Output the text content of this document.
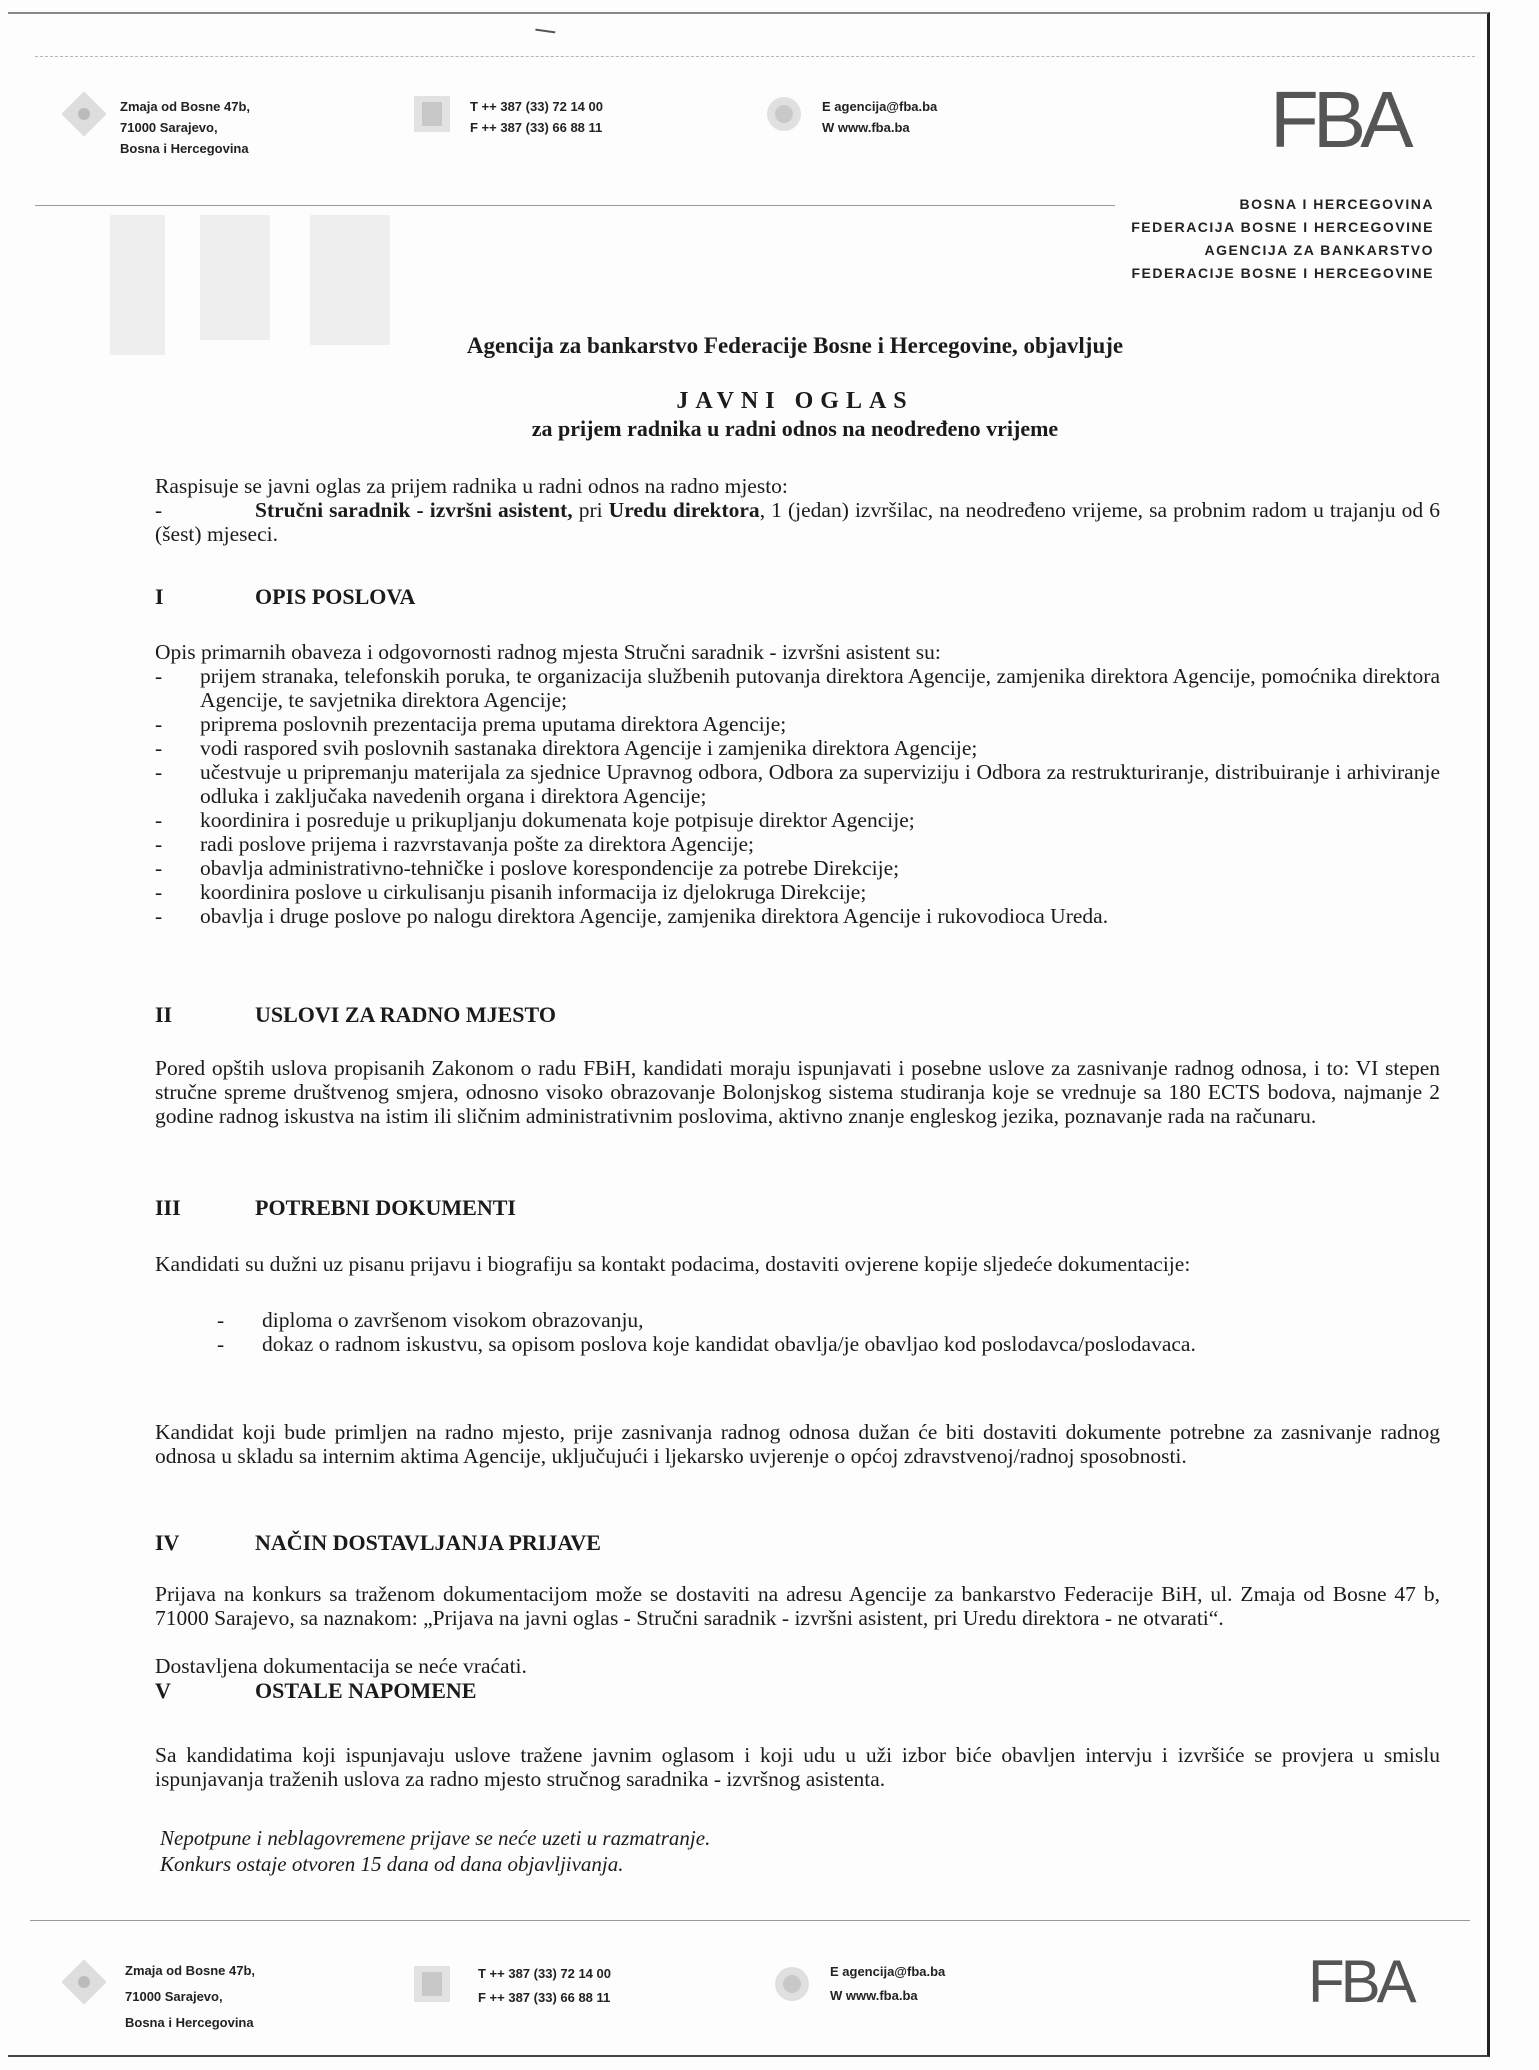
Zmaja od Bosne 47b,
71000 Sarajevo,
Bosna i Hercegovina
T ++ 387 (33) 72 14 00
F ++ 387 (33) 66 88 11
E agencija@fba.ba
W www.fba.ba	FBA
BOSNA I HERCEGOVINA
FEDERACIJA BOSNE I HERCEGOVINE
AGENCIJA ZA BANKARSTVO
FEDERACIJE BOSNE I HERCEGOVINE
Agencija za bankarstvo Federacije Bosne i Hercegovine, objavljuje
JAVNI OGLAS
za prijem radnika u radni odnos na neodređeno vrijeme
Raspisuje se javni oglas za prijem radnika u radni odnos na radno mjesto:
-	Stručni saradnik - izvršni asistent, pri Uredu direktora, 1 (jedan) izvršilac, na neodređeno vrijeme, sa probnim radom u trajanju od 6 (šest) mjeseci.
I	OPIS POSLOVA
Opis primarnih obaveza i odgovornosti radnog mjesta Stručni saradnik - izvršni asistent su:
- prijem stranaka, telefonskih poruka, te organizacija službenih putovanja direktora Agencije, zamjenika direktora Agencije, pomoćnika direktora Agencije, te savjetnika direktora Agencije;
- priprema poslovnih prezentacija prema uputama direktora Agencije;
- vodi raspored svih poslovnih sastanaka direktora Agencije i zamjenika direktora Agencije;
- učestvuje u pripremanju materijala za sjednice Upravnog odbora, Odbora za superviziju i Odbora za restrukturiranje, distribuiranje i arhiviranje odluka i zaključaka navedenih organa i direktora Agencije;
- koordinira i posreduje u prikupljanju dokumenata koje potpisuje direktor Agencije;
- radi poslove prijema i razvrstavanja pošte za direktora Agencije;
- obavlja administrativno-tehničke i poslove korespondencije za potrebe Direkcije;
- koordinira poslove u cirkulisanju pisanih informacija iz djelokruga Direkcije;
- obavlja i druge poslove po nalogu direktora Agencije, zamjenika direktora Agencije i rukovodioca Ureda.
II	USLOVI ZA RADNO MJESTO
Pored opštih uslova propisanih Zakonom o radu FBiH, kandidati moraju ispunjavati i posebne uslove za zasnivanje radnog odnosa, i to: VI stepen stručne spreme društvenog smjera, odnosno visoko obrazovanje Bolonjskog sistema studiranja koje se vrednuje sa 180 ECTS bodova, najmanje 2 godine radnog iskustva na istim ili sličnim administrativnim poslovima, aktivno znanje engleskog jezika, poznavanje rada na računaru.
III	POTREBNI DOKUMENTI
Kandidati su dužni uz pisanu prijavu i biografiju sa kontakt podacima, dostaviti ovjerene kopije sljedeće dokumentacije:
- diploma o završenom visokom obrazovanju,
- dokaz o radnom iskustvu, sa opisom poslova koje kandidat obavlja/je obavljao kod poslodavca/poslodavaca.
Kandidat koji bude primljen na radno mjesto, prije zasnivanja radnog odnosa dužan će biti dostaviti dokumente potrebne za zasnivanje radnog odnosa u skladu sa internim aktima Agencije, uključujući i ljekarsko uvjerenje o općoj zdravstvenoj/radnoj sposobnosti.
IV	NAČIN DOSTAVLJANJA PRIJAVE
Prijava na konkurs sa traženom dokumentacijom može se dostaviti na adresu Agencije za bankarstvo Federacije BiH, ul. Zmaja od Bosne 47 b, 71000 Sarajevo, sa naznakom: „Prijava na javni oglas - Stručni saradnik - izvršni asistent, pri Uredu direktora - ne otvarati“.
Dostavljena dokumentacija se neće vraćati.
V	OSTALE NAPOMENE
Sa kandidatima koji ispunjavaju uslove tražene javnim oglasom i koji udu u uži izbor biće obavljen intervju i izvršiće se provjera u smislu ispunjavanja traženih uslova za radno mjesto stručnog saradnika - izvršnog asistenta.
Nepotpune i neblagovremene prijave se neće uzeti u razmatranje.
Konkurs ostaje otvoren 15 dana od dana objavljivanja.
Zmaja od Bosne 47b,
71000 Sarajevo,
Bosna i Hercegovina
T ++ 387 (33) 72 14 00
F ++ 387 (33) 66 88 11
E agencija@fba.ba
W www.fba.ba	FBA
